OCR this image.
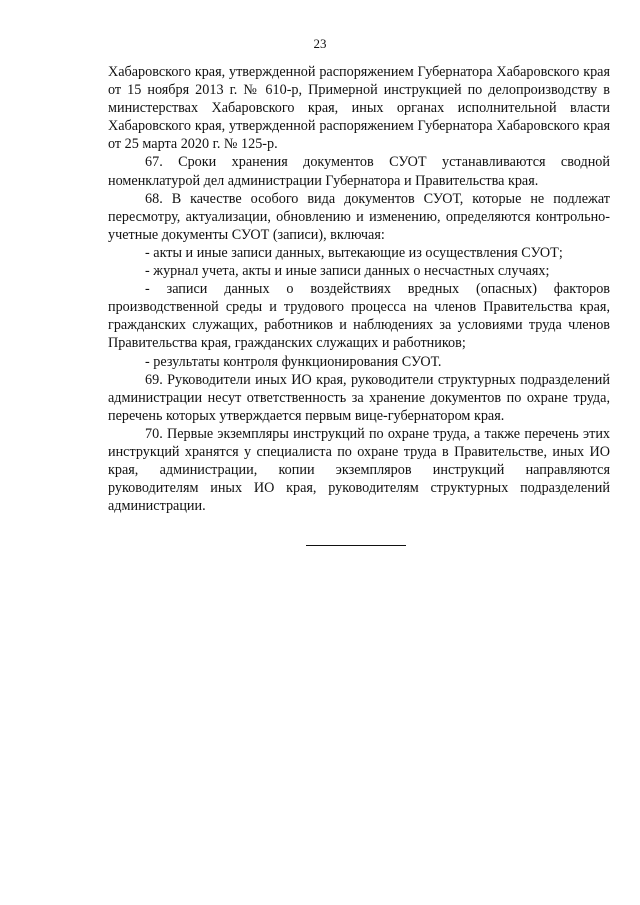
23

Хабаровского края, утвержденной распоряжением Губернатора Хабаровского края от 15 ноября 2013 г. № 610-р, Примерной инструкцией по делопроизводству в министерствах Хабаровского края, иных органах исполнительной власти Хабаровского края, утвержденной распоряжением Губернатора Хабаровского края от 25 марта 2020 г. № 125-р.

67. Сроки хранения документов СУОТ устанавливаются сводной номенклатурой дел администрации Губернатора и Правительства края.

68. В качестве особого вида документов СУОТ, которые не подлежат пересмотру, актуализации, обновлению и изменению, определяются контрольно-учетные документы СУОТ (записи), включая:

- акты и иные записи данных, вытекающие из осуществления СУОТ;

- журнал учета, акты и иные записи данных о несчастных случаях;

- записи данных о воздействиях вредных (опасных) факторов производственной среды и трудового процесса на членов Правительства края, гражданских служащих, работников и наблюдениях за условиями труда членов Правительства края, гражданских служащих и работников;

- результаты контроля функционирования СУОТ.

69. Руководители иных ИО края, руководители структурных подразделений администрации несут ответственность за хранение документов по охране труда, перечень которых утверждается первым вице-губернатором края.

70. Первые экземпляры инструкций по охране труда, а также перечень этих инструкций хранятся у специалиста по охране труда в Правительстве, иных ИО края, администрации, копии экземпляров инструкций направляются руководителям иных ИО края, руководителям структурных подразделений администрации.
